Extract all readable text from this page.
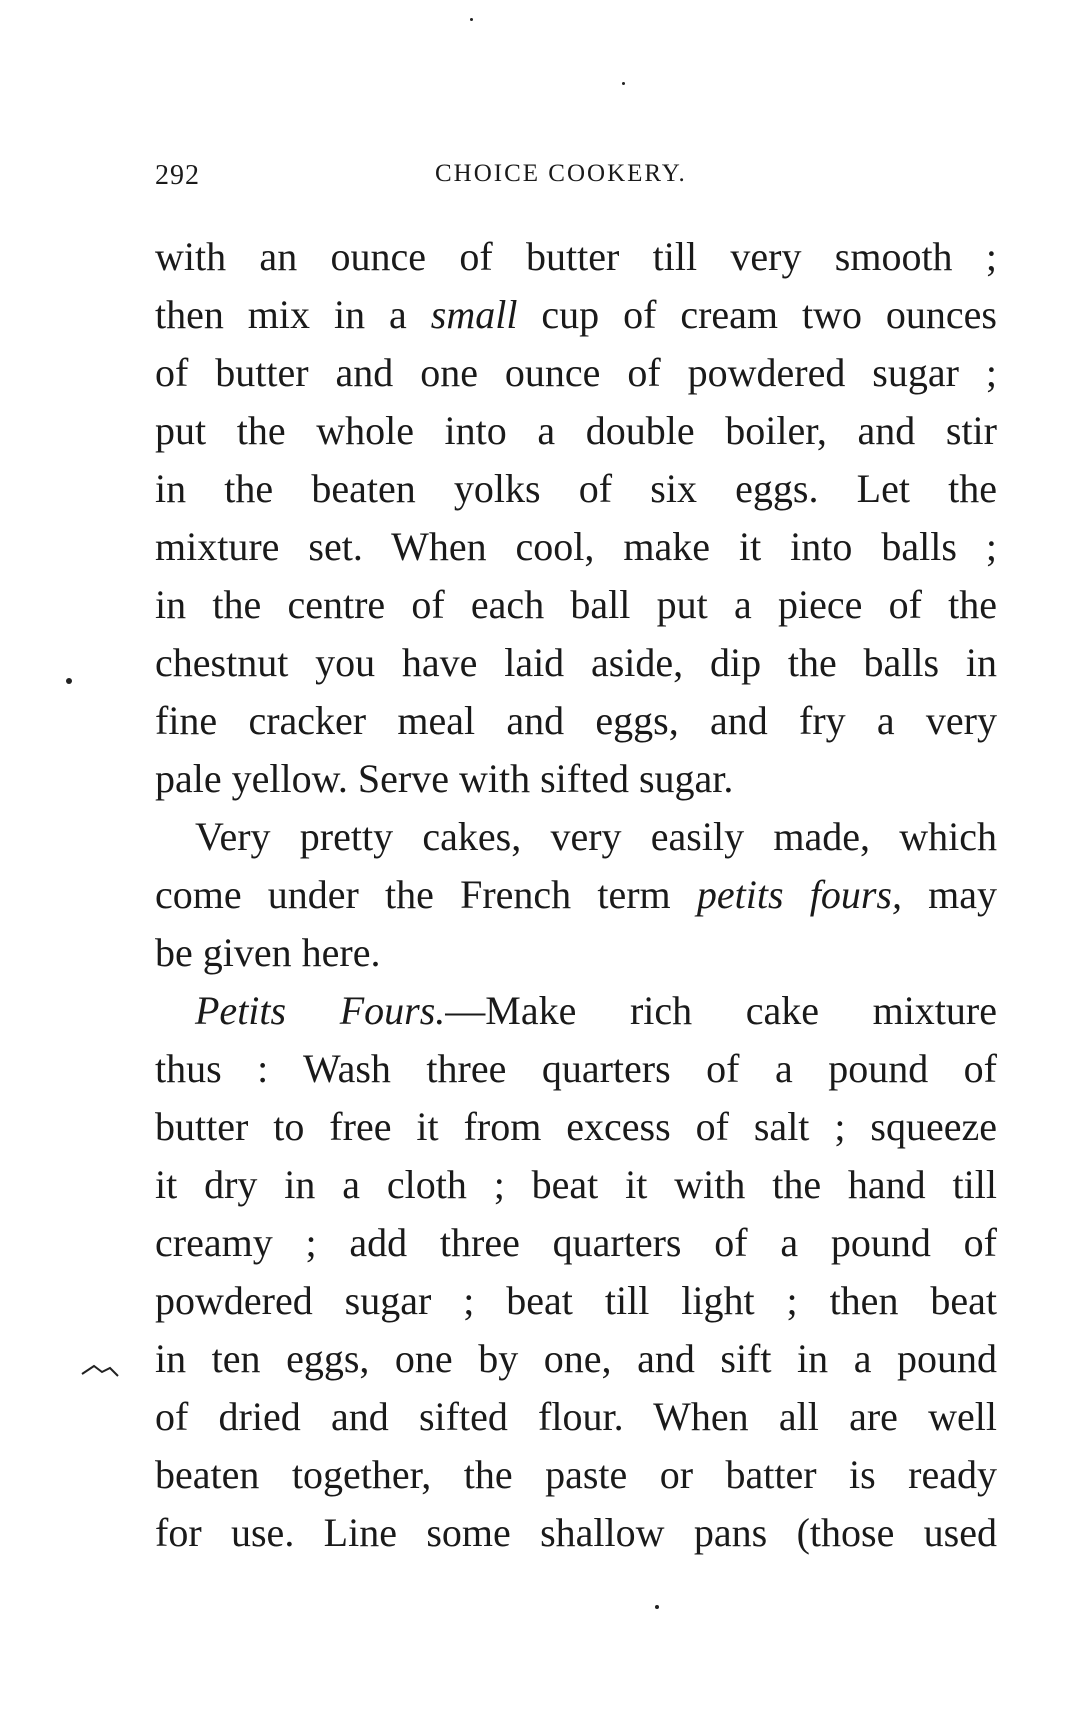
292	CHOICE COOKERY.
with an ounce of butter till very smooth ;
then mix in a small cup of cream two ounces
of butter and one ounce of powdered sugar ;
put the whole into a double boiler, and stir
in the beaten yolks of six eggs. Let the
mixture set. When cool, make it into balls ;
in the centre of each ball put a piece of the
chestnut you have laid aside, dip the balls in
fine cracker meal and eggs, and fry a very
pale yellow. Serve with sifted sugar.
Very pretty cakes, very easily made, which
come under the French term petits fours, may
be given here.
Petits Fours.—Make rich cake mixture
thus : Wash three quarters of a pound of
butter to free it from excess of salt ; squeeze
it dry in a cloth ; beat it with the hand till
creamy ; add three quarters of a pound of
powdered sugar ; beat till light ; then beat
in ten eggs, one by one, and sift in a pound
of dried and sifted flour. When all are well
beaten together, the paste or batter is ready
for use. Line some shallow pans (those used
